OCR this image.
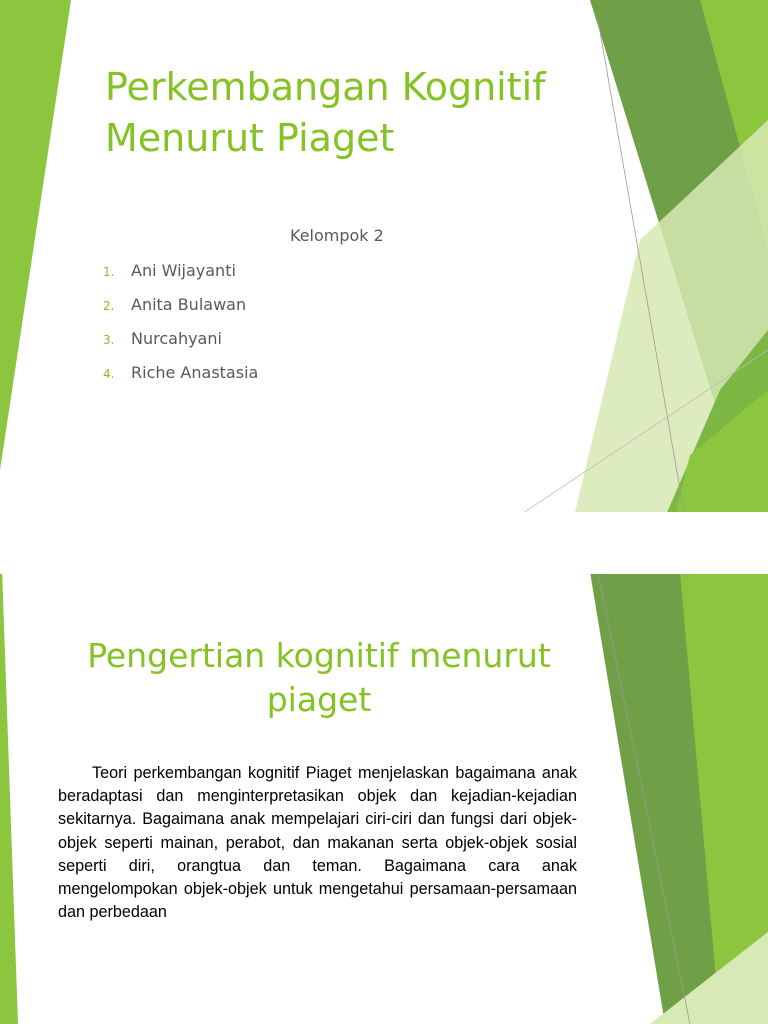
Perkembangan Kognitif Menurut Piaget

Kelompok 2

1. Ani Wijayanti
2. Anita Bulawan
3. Nurcahyani
4. Riche Anastasia
Pengertian kognitif menurut piaget

Teori perkembangan kognitif Piaget menjelaskan bagaimana anak beradaptasi dan menginterpretasikan objek dan kejadian-kejadian sekitarnya. Bagaimana anak mempelajari ciri-ciri dan fungsi dari objek-objek seperti mainan, perabot, dan makanan serta objek-objek sosial seperti diri, orangtua dan teman. Bagaimana cara anak mengelompokan objek-objek untuk mengetahui persamaan-persamaan dan perbedaan
